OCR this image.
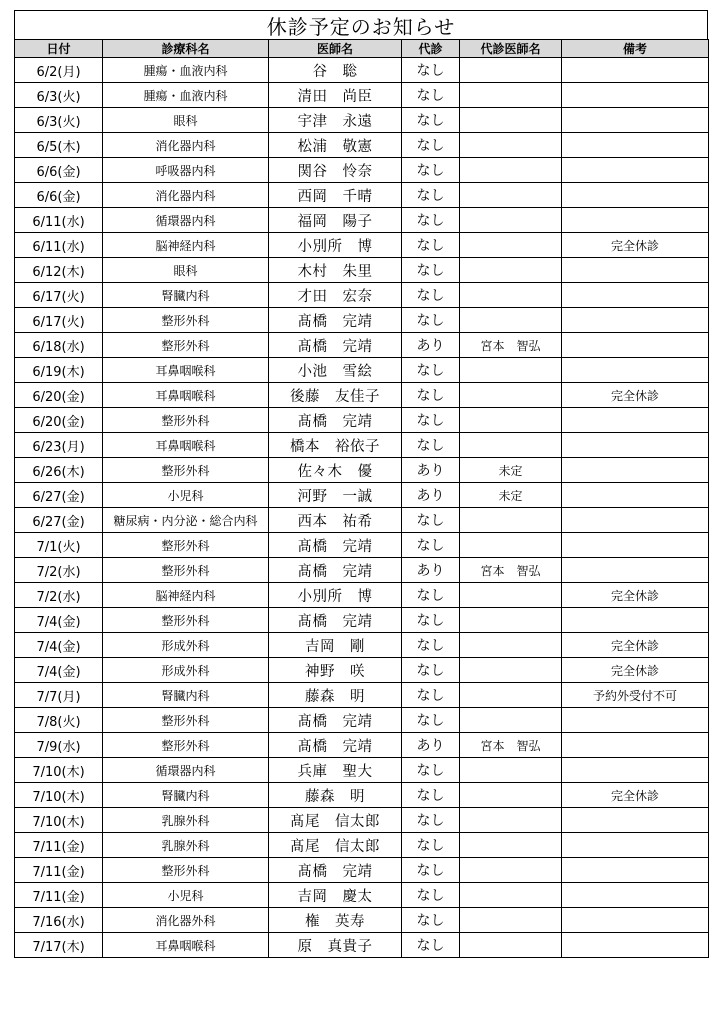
休診予定のお知らせ
日付	診療科名	医師名	代診	代診医師名	備考
6/2(月)	腫瘍・血液内科	谷　聡	なし		
6/3(火)	腫瘍・血液内科	清田　尚臣	なし		
6/3(火)	眼科	宇津　永遠	なし		
6/5(木)	消化器内科	松浦　敬憲	なし		
6/6(金)	呼吸器内科	関谷　怜奈	なし		
6/6(金)	消化器内科	西岡　千晴	なし		
6/11(水)	循環器内科	福岡　陽子	なし		
6/11(水)	脳神経内科	小別所　博	なし		完全休診
6/12(木)	眼科	木村　朱里	なし		
6/17(火)	腎臓内科	才田　宏奈	なし		
6/17(火)	整形外科	髙橋　完靖	なし		
6/18(水)	整形外科	髙橋　完靖	あり	宮本　智弘	
6/19(木)	耳鼻咽喉科	小池　雪絵	なし		
6/20(金)	耳鼻咽喉科	後藤　友佳子	なし		完全休診
6/20(金)	整形外科	髙橋　完靖	なし		
6/23(月)	耳鼻咽喉科	橋本　裕依子	なし		
6/26(木)	整形外科	佐々木　優	あり	未定	
6/27(金)	小児科	河野　一誠	あり	未定	
6/27(金)	糖尿病・内分泌・総合内科	西本　祐希	なし		
7/1(火)	整形外科	髙橋　完靖	なし		
7/2(水)	整形外科	髙橋　完靖	あり	宮本　智弘	
7/2(水)	脳神経内科	小別所　博	なし		完全休診
7/4(金)	整形外科	髙橋　完靖	なし		
7/4(金)	形成外科	吉岡　剛	なし		完全休診
7/4(金)	形成外科	神野　咲	なし		完全休診
7/7(月)	腎臓内科	藤森　明	なし		予約外受付不可
7/8(火)	整形外科	髙橋　完靖	なし		
7/9(水)	整形外科	髙橋　完靖	あり	宮本　智弘	
7/10(木)	循環器内科	兵庫　聖大	なし		
7/10(木)	腎臓内科	藤森　明	なし		完全休診
7/10(木)	乳腺外科	髙尾　信太郎	なし		
7/11(金)	乳腺外科	髙尾　信太郎	なし		
7/11(金)	整形外科	髙橋　完靖	なし		
7/11(金)	小児科	吉岡　慶太	なし		
7/16(水)	消化器外科	権　英寿	なし		
7/17(木)	耳鼻咽喉科	原　真貴子	なし		
